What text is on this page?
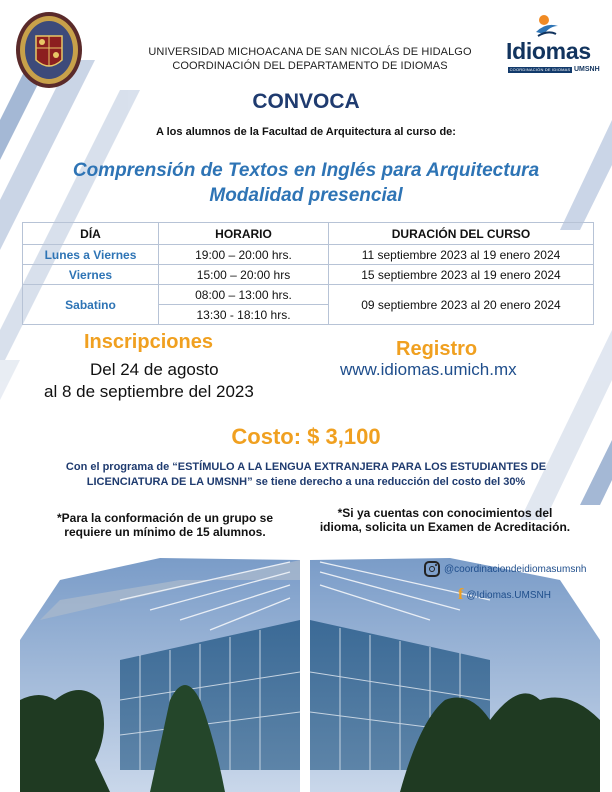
UNIVERSIDAD MICHOACANA DE SAN NICOLÁS DE HIDALGO
COORDINACIÓN DEL DEPARTAMENTO DE IDIOMAS
Idiomas
COORDINACIÓN DE IDIOMAS UMSNH
CONVOCA
A los alumnos de la Facultad de Arquitectura al curso de:
Comprensión de Textos en Inglés para Arquitectura
Modalidad presencial
DÍA	HORARIO	DURACIÓN DEL CURSO
Lunes a Viernes	19:00 – 20:00 hrs.	11 septiembre 2023 al 19 enero 2024
Viernes	15:00 – 20:00 hrs	15 septiembre 2023 al 19 enero 2024
Sabatino	08:00 – 13:00 hrs.	09 septiembre 2023 al 20 enero 2024
	13:30 - 18:10 hrs.	
Inscripciones
Del 24 de agosto
al 8 de septiembre del 2023
Registro
www.idiomas.umich.mx
Costo: $ 3,100
Con el programa de “ESTÍMULO A LA LENGUA EXTRANJERA PARA LOS ESTUDIANTES DE
LICENCIATURA DE LA UMSNH” se tiene derecho a una reducción del costo del 30%
*Para la conformación de un grupo se
requiere un mínimo de 15 alumnos.
*Si ya cuentas con conocimientos del
idioma, solicita un Examen de Acreditación.
@coordinaciondeidiomasumsnh
f @Idiomas.UMSNH
